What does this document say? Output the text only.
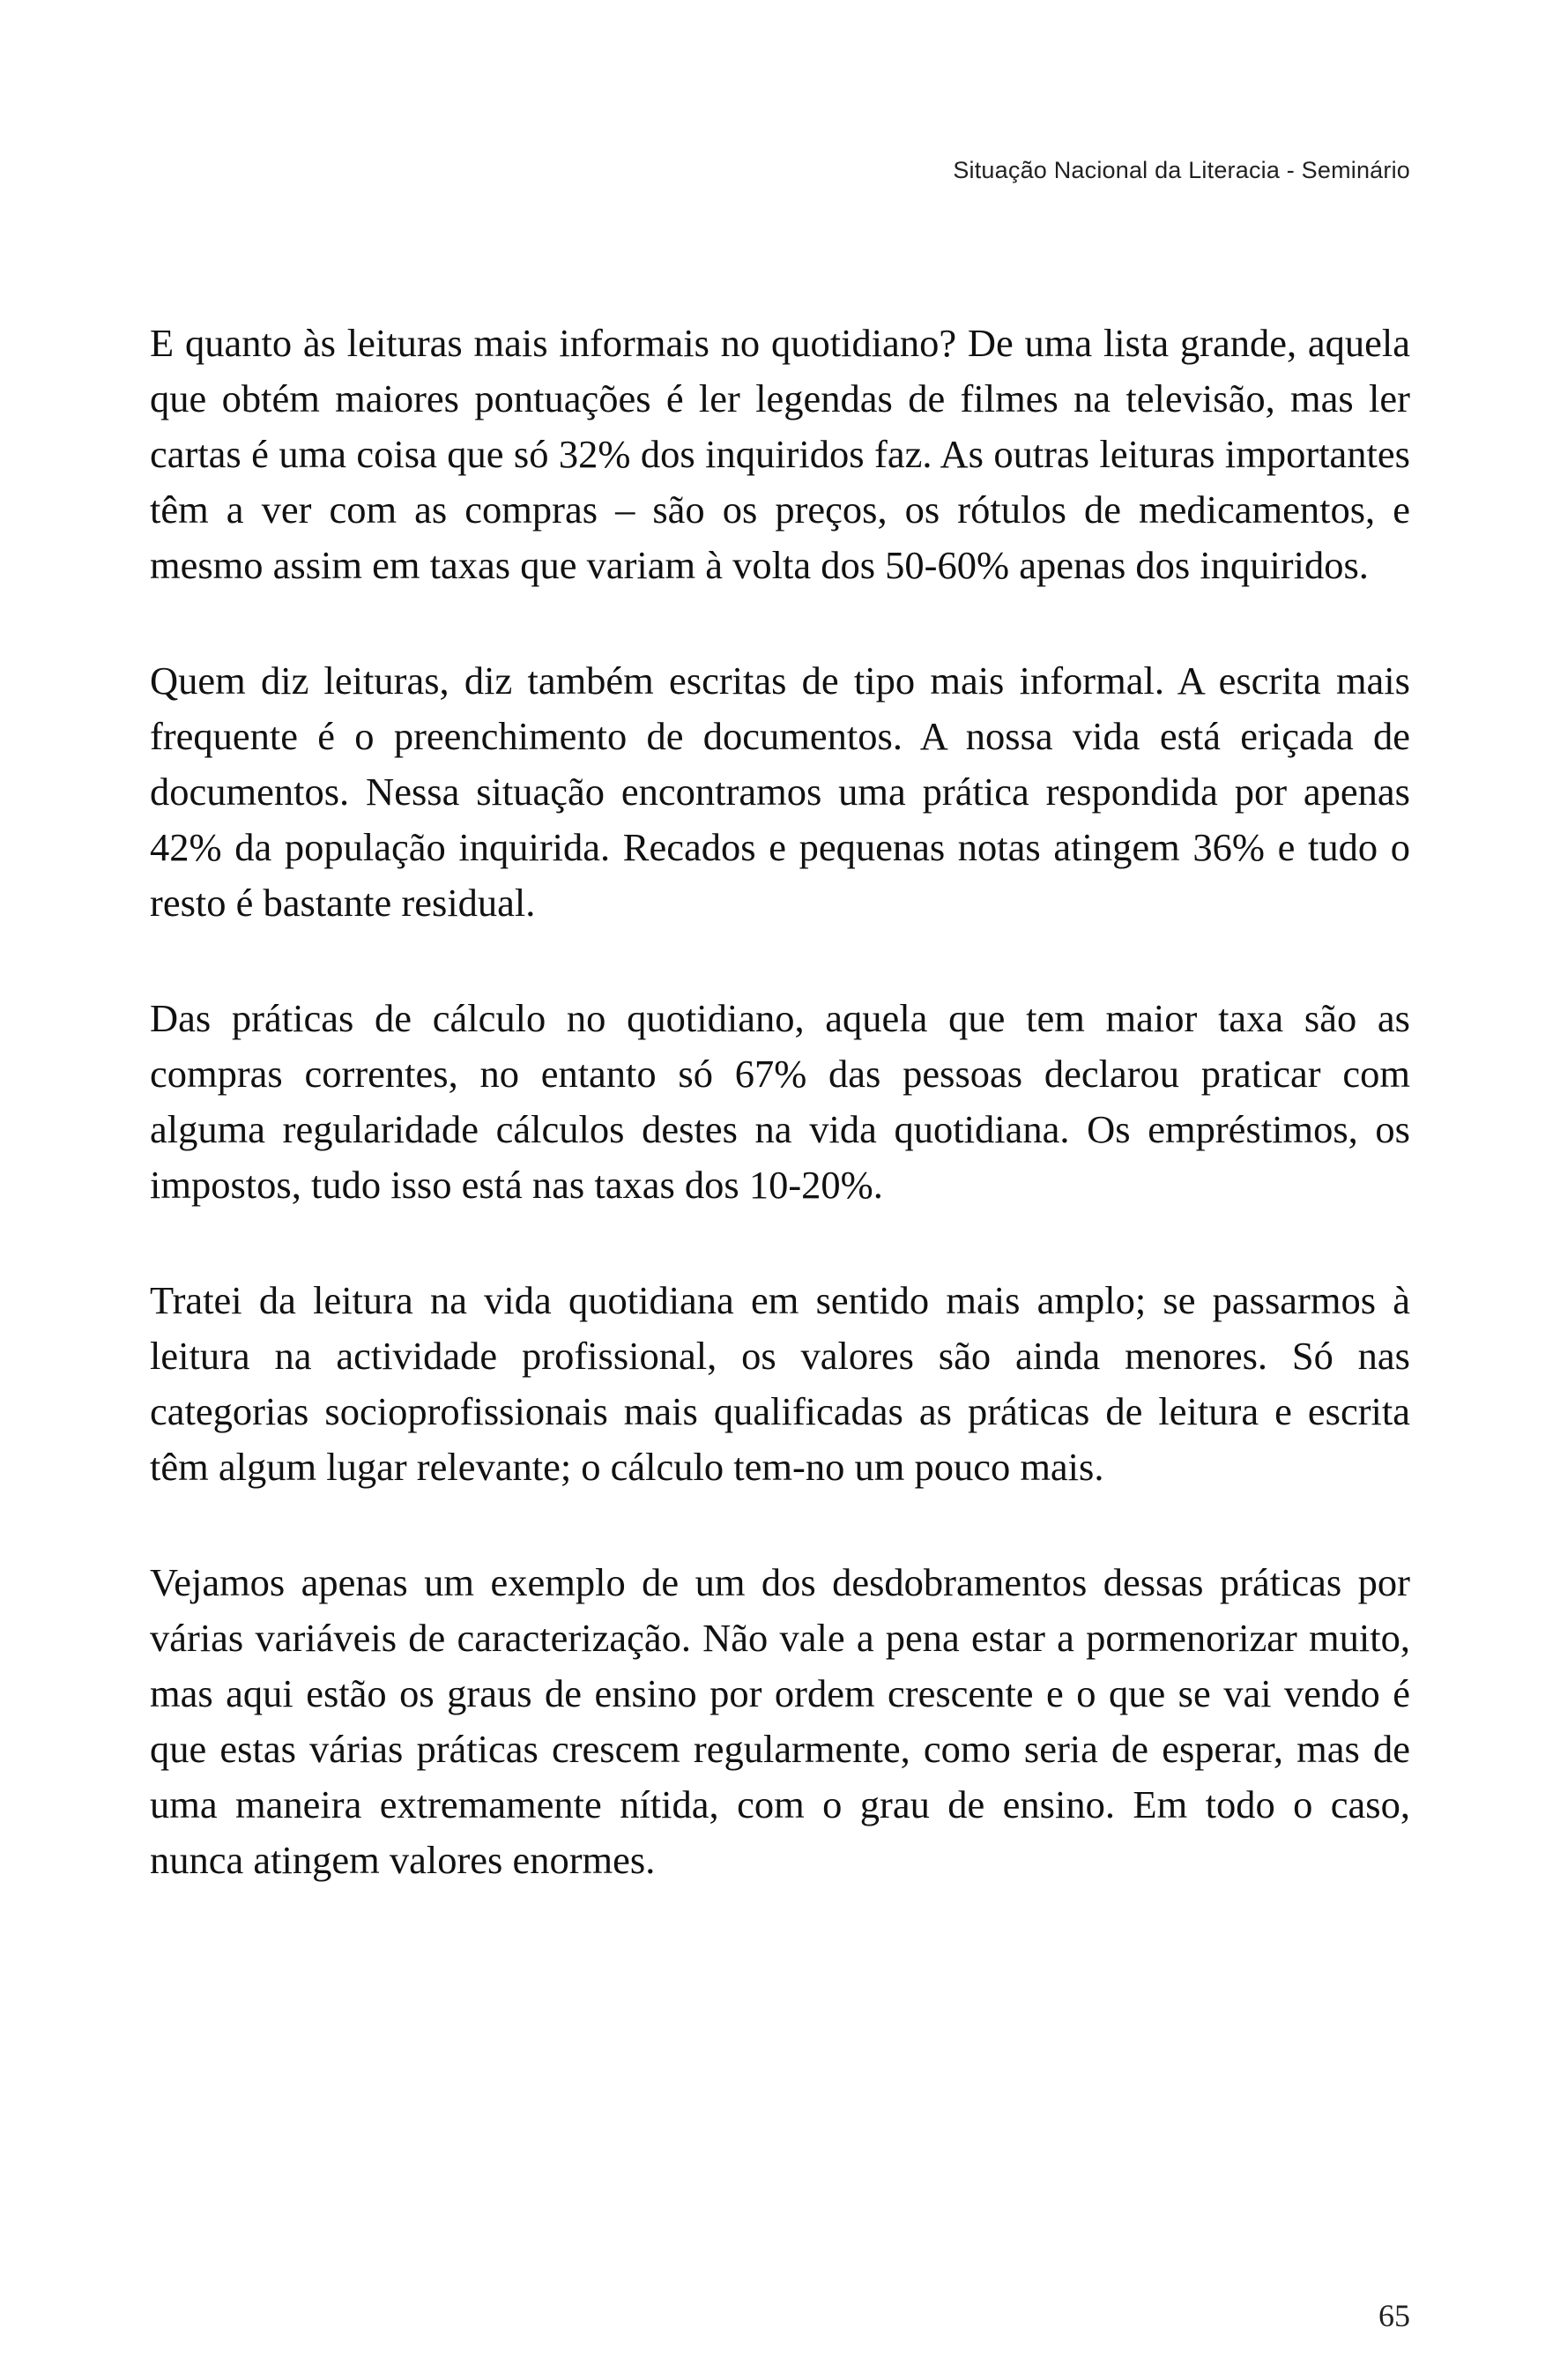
Situação Nacional da Literacia - Seminário

E quanto às leituras mais informais no quotidiano? De uma lista grande, aquela que obtém maiores pontuações é ler legendas de filmes na televisão, mas ler cartas é uma coisa que só 32% dos inquiridos faz. As outras leituras importantes têm a ver com as compras – são os preços, os rótulos de medicamentos, e mesmo assim em taxas que variam à volta dos 50-60% apenas dos inquiridos.

Quem diz leituras, diz também escritas de tipo mais informal. A escrita mais frequente é o preenchimento de documentos. A nossa vida está eriçada de documentos. Nessa situação encontramos uma prática respondida por apenas 42% da população inquirida. Recados e pequenas notas atingem 36% e tudo o resto é bastante residual.

Das práticas de cálculo no quotidiano, aquela que tem maior taxa são as compras correntes, no entanto só 67% das pessoas declarou praticar com alguma regularidade cálculos destes na vida quotidiana. Os empréstimos, os impostos, tudo isso está nas taxas dos 10-20%.

Tratei da leitura na vida quotidiana em sentido mais amplo; se passarmos à leitura na actividade profissional, os valores são ainda menores. Só nas categorias socioprofissionais mais qualificadas as práticas de leitura e escrita têm algum lugar relevante; o cálculo tem-no um pouco mais.

Vejamos apenas um exemplo de um dos desdobramentos dessas práticas por várias variáveis de caracterização. Não vale a pena estar a pormenorizar muito, mas aqui estão os graus de ensino por ordem crescente e o que se vai vendo é que estas várias práticas crescem regularmente, como seria de esperar, mas de uma maneira extremamente nítida, com o grau de ensino. Em todo o caso, nunca atingem valores enormes.

65
